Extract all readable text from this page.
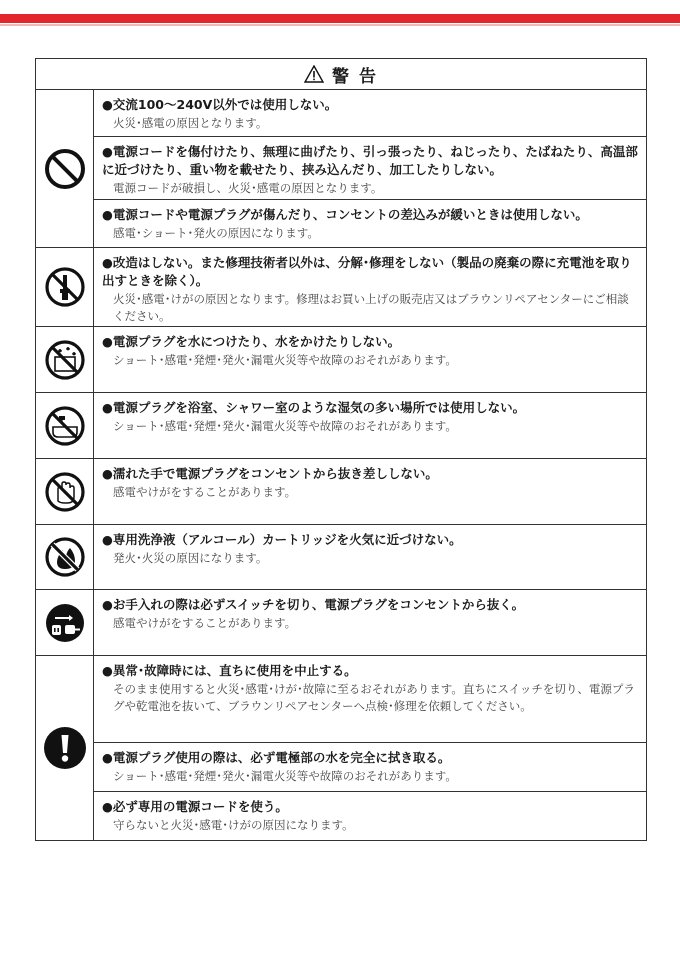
警 告	

●交流100〜240V以外では使用しない。
火災･感電の原因となります。

	●電源コードを傷付けたり、無理に曲げたり、引っ張ったり、ねじったり、たばねたり、高温部に近づけたり、重い物を載せたり、挟み込んだり、加工したりしない。
電源コードが破損し、火災･感電の原因となります。

	●電源コードや電源プラグが傷んだり、コンセントの差込みが緩いときは使用しない。
感電･ショート･発火の原因になります。

●改造はしない。また修理技術者以外は、分解･修理をしない（製品の廃棄の際に充電池を取り出すときを除く）。
火災･感電･けがの原因となります。修理はお買い上げの販売店又はブラウンリペアセンターにご相談ください。

●電源プラグを水につけたり、水をかけたりしない。
ショート･感電･発煙･発火･漏電火災等や故障のおそれがあります。

●電源プラグを浴室、シャワー室のような湿気の多い場所では使用しない。
ショート･感電･発煙･発火･漏電火災等や故障のおそれがあります。

●濡れた手で電源プラグをコンセントから抜き差ししない。
感電やけがをすることがあります。

●専用洗浄液（アルコール）カートリッジを火気に近づけない。
発火･火災の原因になります。

●お手入れの際は必ずスイッチを切り、電源プラグをコンセントから抜く。
感電やけがをすることがあります。

●異常･故障時には、直ちに使用を中止する。
そのまま使用すると火災･感電･けが･故障に至るおそれがあります。直ちにスイッチを切り、電源プラグや乾電池を抜いて、ブラウンリペアセンターへ点検･修理を依頼してください。

	●電源プラグ使用の際は、必ず電極部の水を完全に拭き取る。
ショート･感電･発煙･発火･漏電火災等や故障のおそれがあります。

	●必ず専用の電源コードを使う。
守らないと火災･感電･けがの原因になります。
